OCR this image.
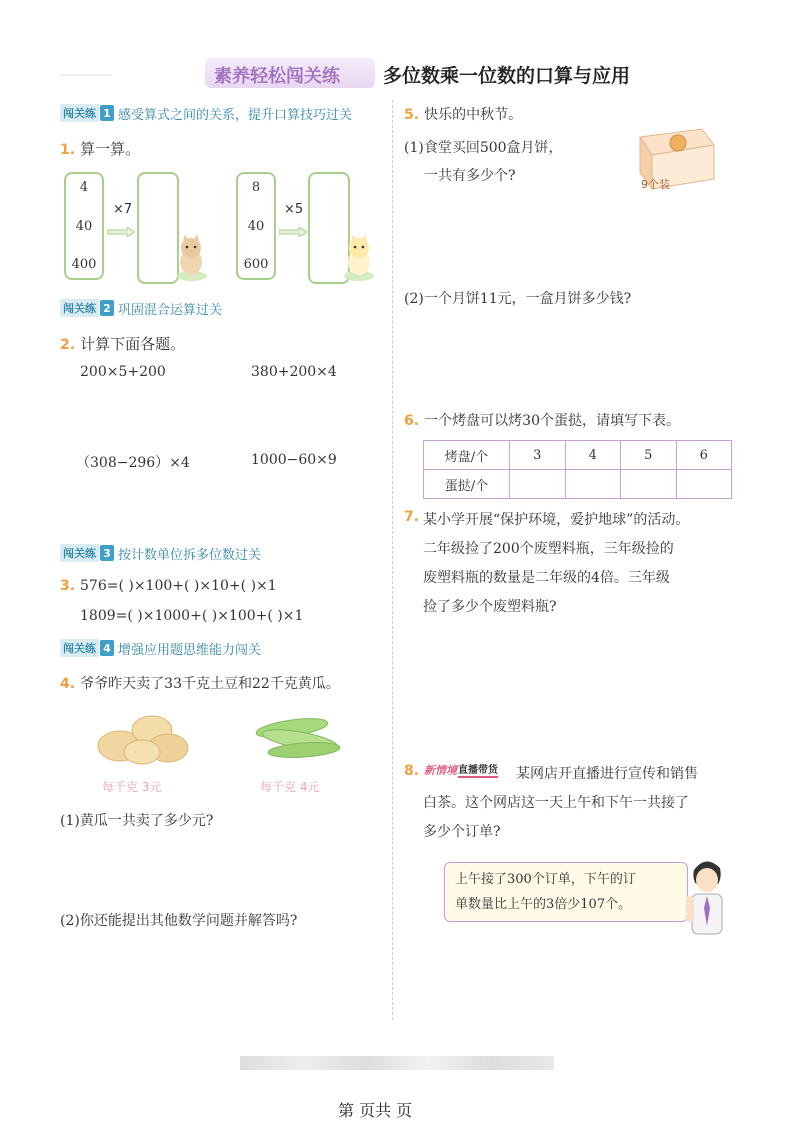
素养轻松闯关练 多位数乘一位数的口算与应用
闯关练 1 感受算式之间的关系，提升口算技巧过关
1. 算一算。
4
40
400
×7
8
40
600
×5
闯关练 2 巩固混合运算过关
2. 计算下面各题。
200×5+200	380+200×4
（308−296）×4	1000−60×9
闯关练 3 按计数单位拆多位数过关
3. 576=( )×100+( )×10+( )×1
1809=( )×1000+( )×100+( )×1
闯关练 4 增强应用题思维能力闯关
4. 爷爷昨天卖了33千克土豆和22千克黄瓜。
每千克 3元	每千克 4元
(1)黄瓜一共卖了多少元?
(2)你还能提出其他数学问题并解答吗?
5. 快乐的中秋节。
(1)食堂买回500盒月饼，
一共有多少个?
9个装
(2)一个月饼11元，一盒月饼多少钱?
6. 一个烤盘可以烤30个蛋挞，请填写下表。
烤盘/个	3	4	5	6
蛋挞/个				
7. 某小学开展“保护环境，爱护地球”的活动。
二年级捡了200个废塑料瓶，三年级捡的
废塑料瓶的数量是二年级的4倍。三年级
捡了多少个废塑料瓶?
8. 新情境 直播带货 某网店开直播进行宣传和销售
白茶。这个网店这一天上午和下午一共接了
多少个订单?
上午接了300个订单，下午的订
单数量比上午的3倍少107个。
第 页共 页
